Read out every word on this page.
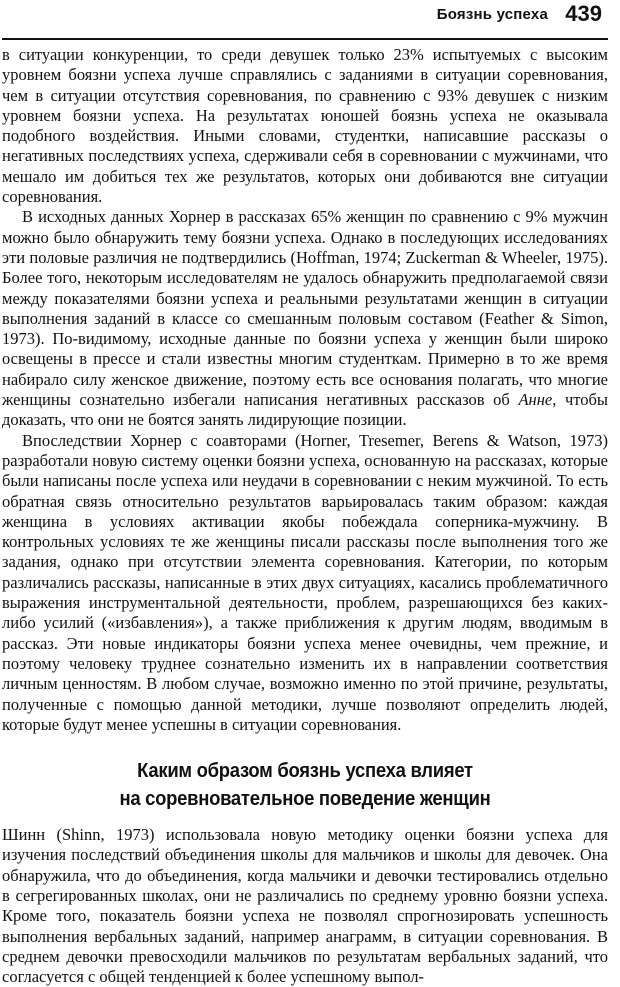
Боязнь успеха 439

в ситуации конкуренции, то среди девушек только 23% испытуемых с высоким уровнем боязни успеха лучше справлялись с заданиями в ситуации соревнования, чем в ситуации отсутствия соревнования, по сравнению с 93% девушек с низким уровнем боязни успеха. На результатах юношей боязнь успеха не оказывала подобного воздействия. Иными словами, студентки, написавшие рассказы о негативных последствиях успеха, сдерживали себя в соревновании с мужчинами, что мешало им добиться тех же результатов, которых они добиваются вне ситуации соревнования.

В исходных данных Хорнер в рассказах 65% женщин по сравнению с 9% мужчин можно было обнаружить тему боязни успеха. Однако в последующих исследованиях эти половые различия не подтвердились (Hoffman, 1974; Zuckerman & Wheeler, 1975). Более того, некоторым исследователям не удалось обнаружить предполагаемой связи между показателями боязни успеха и реальными результатами женщин в ситуации выполнения заданий в классе со смешанным половым составом (Feather & Simon, 1973). По-видимому, исходные данные по боязни успеха у женщин были широко освещены в прессе и стали известны многим студенткам. Примерно в то же время набирало силу женское движение, поэтому есть все основания полагать, что многие женщины сознательно избегали написания негативных рассказов об Анне, чтобы доказать, что они не боятся занять лидирующие позиции.

Впоследствии Хорнер с соавторами (Horner, Tresemer, Berens & Watson, 1973) разработали новую систему оценки боязни успеха, основанную на рассказах, которые были написаны после успеха или неудачи в соревновании с неким мужчиной. То есть обратная связь относительно результатов варьировалась таким образом: каждая женщина в условиях активации якобы побеждала соперника-мужчину. В контрольных условиях те же женщины писали рассказы после выполнения того же задания, однако при отсутствии элемента соревнования. Категории, по которым различались рассказы, написанные в этих двух ситуациях, касались проблематичного выражения инструментальной деятельности, проблем, разрешающихся без каких-либо усилий («избавления»), а также приближения к другим людям, вводимым в рассказ. Эти новые индикаторы боязни успеха менее очевидны, чем прежние, и поэтому человеку труднее сознательно изменить их в направлении соответствия личным ценностям. В любом случае, возможно именно по этой причине, результаты, полученные с помощью данной методики, лучше позволяют определить людей, которые будут менее успешны в ситуации соревнования.

Каким образом боязнь успеха влияет
на соревновательное поведение женщин

Шинн (Shinn, 1973) использовала новую методику оценки боязни успеха для изучения последствий объединения школы для мальчиков и школы для девочек. Она обнаружила, что до объединения, когда мальчики и девочки тестировались отдельно в сегрегированных школах, они не различались по среднему уровню боязни успеха. Кроме того, показатель боязни успеха не позволял спрогнозировать успешность выполнения вербальных заданий, например анаграмм, в ситуации соревнования. В среднем девочки превосходили мальчиков по результатам вербальных заданий, что согласуется с общей тенденцией к более успешному выпол-
